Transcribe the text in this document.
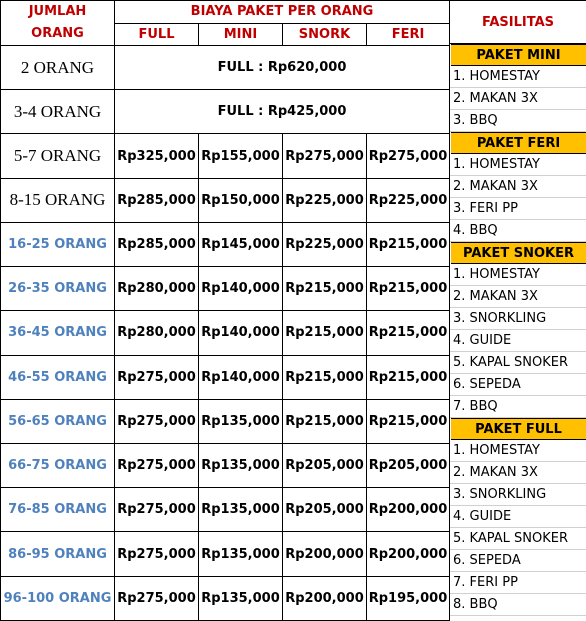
JUMLAH
ORANG	BIAYA PAKET PER ORANG			
	FULL	MINI	SNORK	FERI
2 ORANG	FULL : Rp620,000			
3-4 ORANG	FULL : Rp425,000			
5-7 ORANG	Rp325,000	Rp155,000	Rp275,000	Rp275,000
8-15 ORANG	Rp285,000	Rp150,000	Rp225,000	Rp225,000
16-25 ORANG	Rp285,000	Rp145,000	Rp225,000	Rp215,000
26-35 ORANG	Rp280,000	Rp140,000	Rp215,000	Rp215,000
36-45 ORANG	Rp280,000	Rp140,000	Rp215,000	Rp215,000
46-55 ORANG	Rp275,000	Rp140,000	Rp215,000	Rp215,000
56-65 ORANG	Rp275,000	Rp135,000	Rp215,000	Rp215,000
66-75 ORANG	Rp275,000	Rp135,000	Rp205,000	Rp205,000
76-85 ORANG	Rp275,000	Rp135,000	Rp205,000	Rp200,000
86-95 ORANG	Rp275,000	Rp135,000	Rp200,000	Rp200,000
96-100 ORANG	Rp275,000	Rp135,000	Rp200,000	Rp195,000
FASILITAS
PAKET MINI
1. HOMESTAY
2. MAKAN 3X
3. BBQ
PAKET FERI
1. HOMESTAY
2. MAKAN 3X
3. FERI PP
4. BBQ
PAKET SNOKER
1. HOMESTAY
2. MAKAN 3X
3. SNORKLING
4. GUIDE
5. KAPAL SNOKER
6. SEPEDA
7. BBQ
PAKET FULL
1. HOMESTAY
2. MAKAN 3X
3. SNORKLING
4. GUIDE
5. KAPAL SNOKER
6. SEPEDA
7. FERI PP
8. BBQ
